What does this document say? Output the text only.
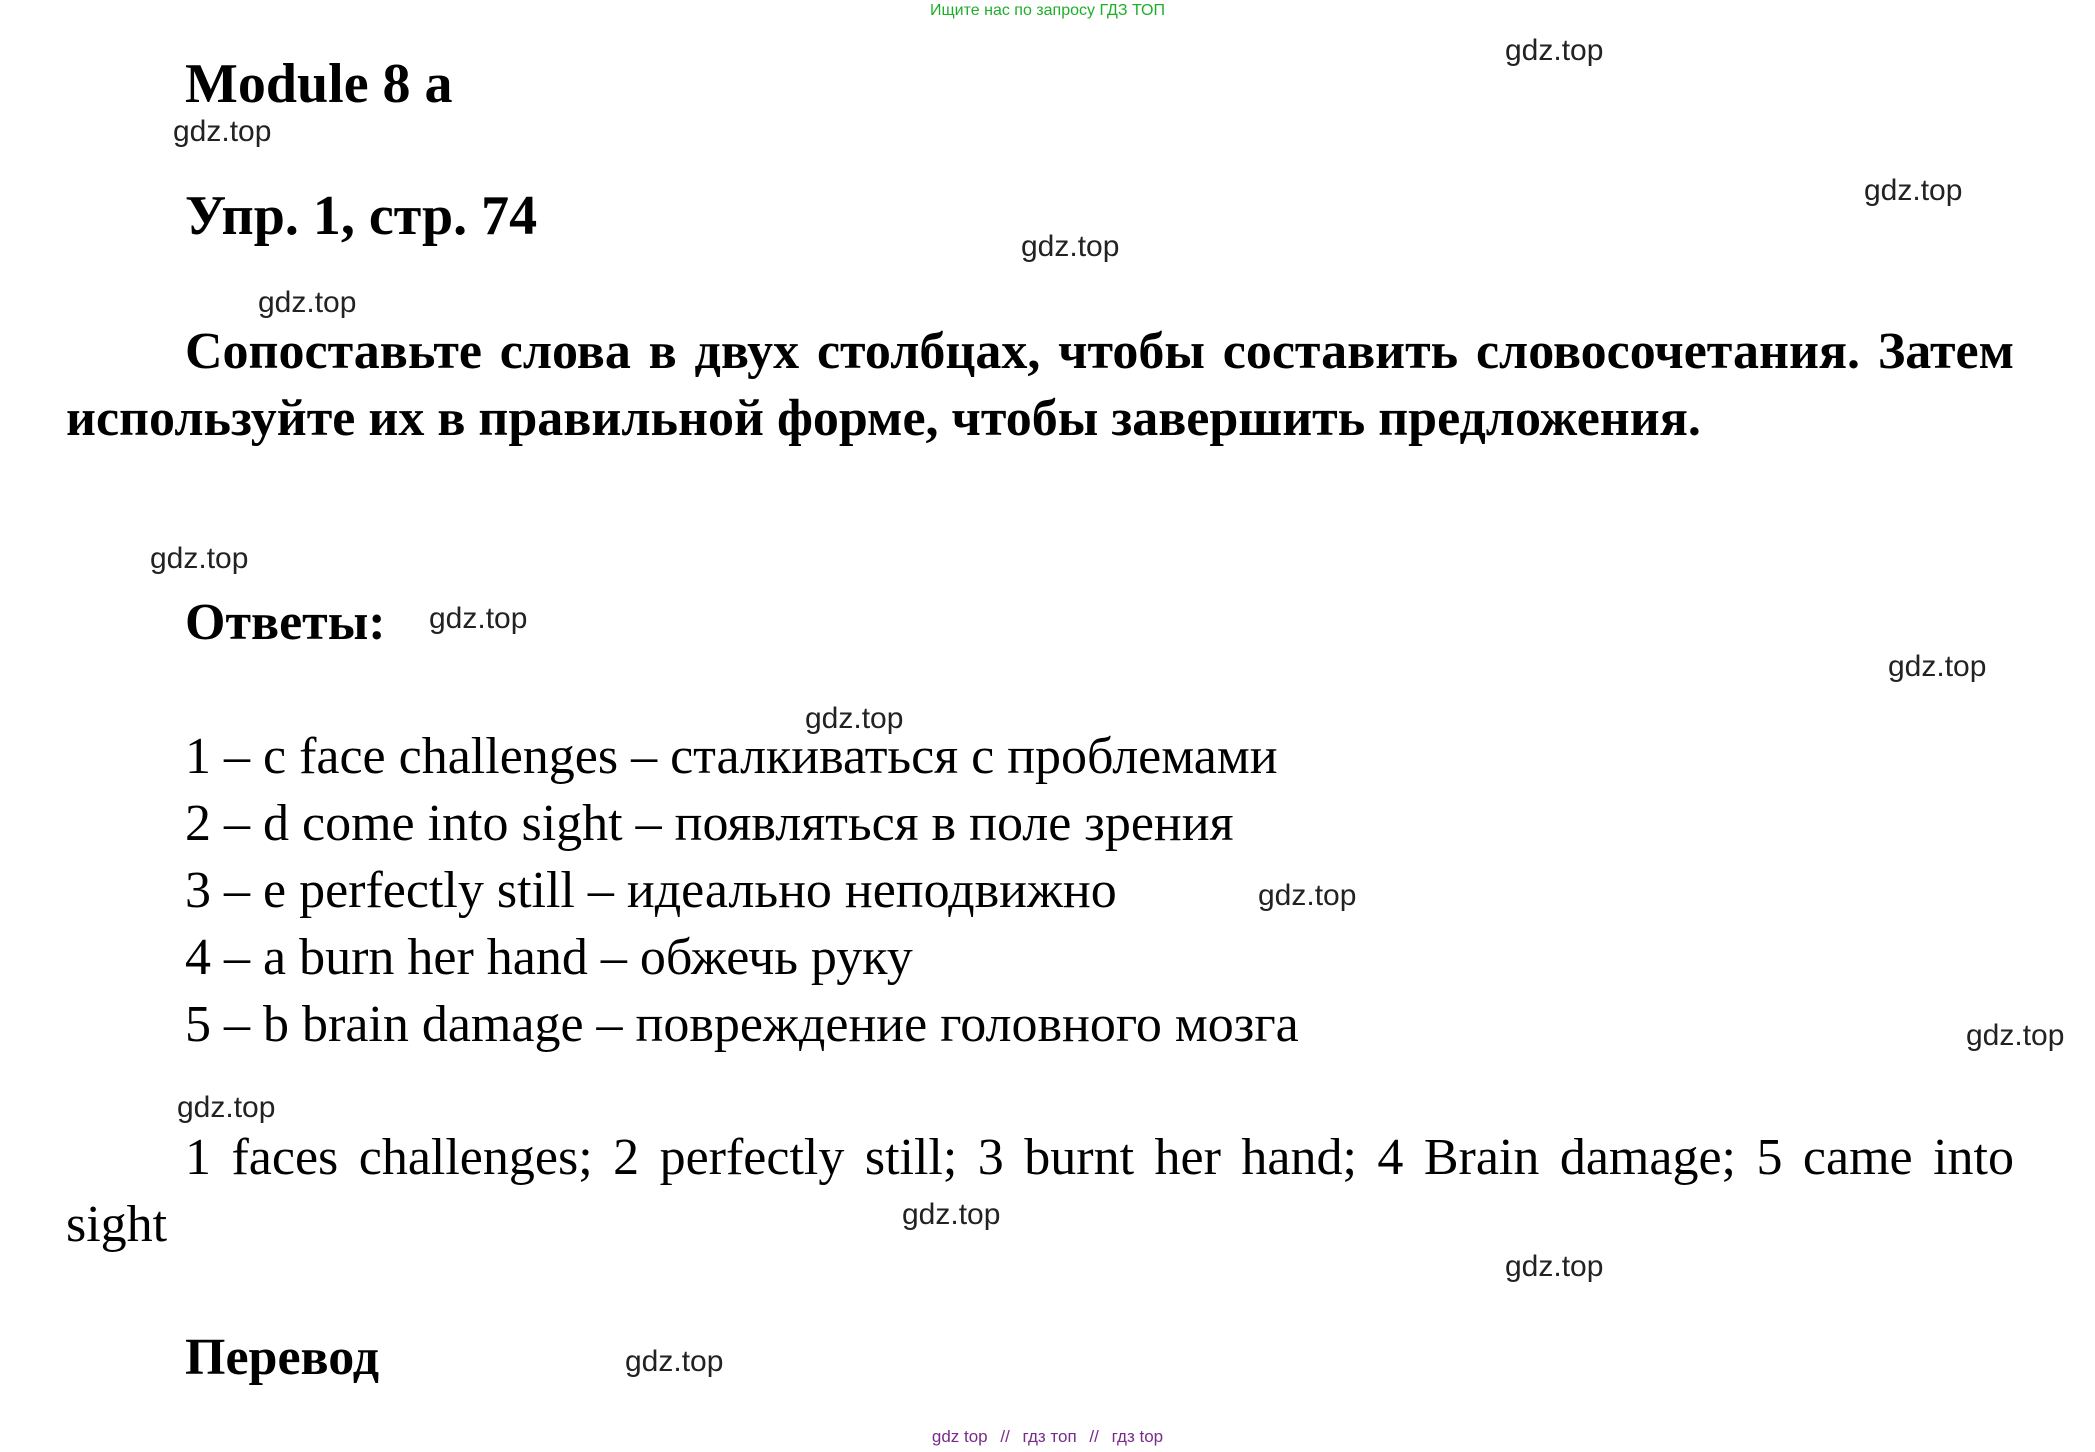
Ищите нас по запросу ГДЗ ТОП
Module 8 a
Упр. 1, стр. 74

Сопоставьте слова в двух столбцах, чтобы составить словосочетания. Затем используйте их в правильной форме, чтобы завершить предложения.

Ответы:
1 – c face challenges – сталкиваться с проблемами
2 – d come into sight – появляться в поле зрения
3 – e perfectly still – идеально неподвижно
4 – a burn her hand – обжечь руку
5 – b brain damage – повреждение головного мозга

1 faces challenges; 2 perfectly still; 3 burnt her hand; 4 Brain damage; 5 came into sight

Перевод
gdz.top
gdz.top
gdz.top
gdz.top
gdz.top
gdz.top
gdz.top
gdz.top
gdz.top
gdz.top
gdz.top
gdz.top
gdz.top
gdz.top
gdz.top
gdz top // гдз топ // гдз top
